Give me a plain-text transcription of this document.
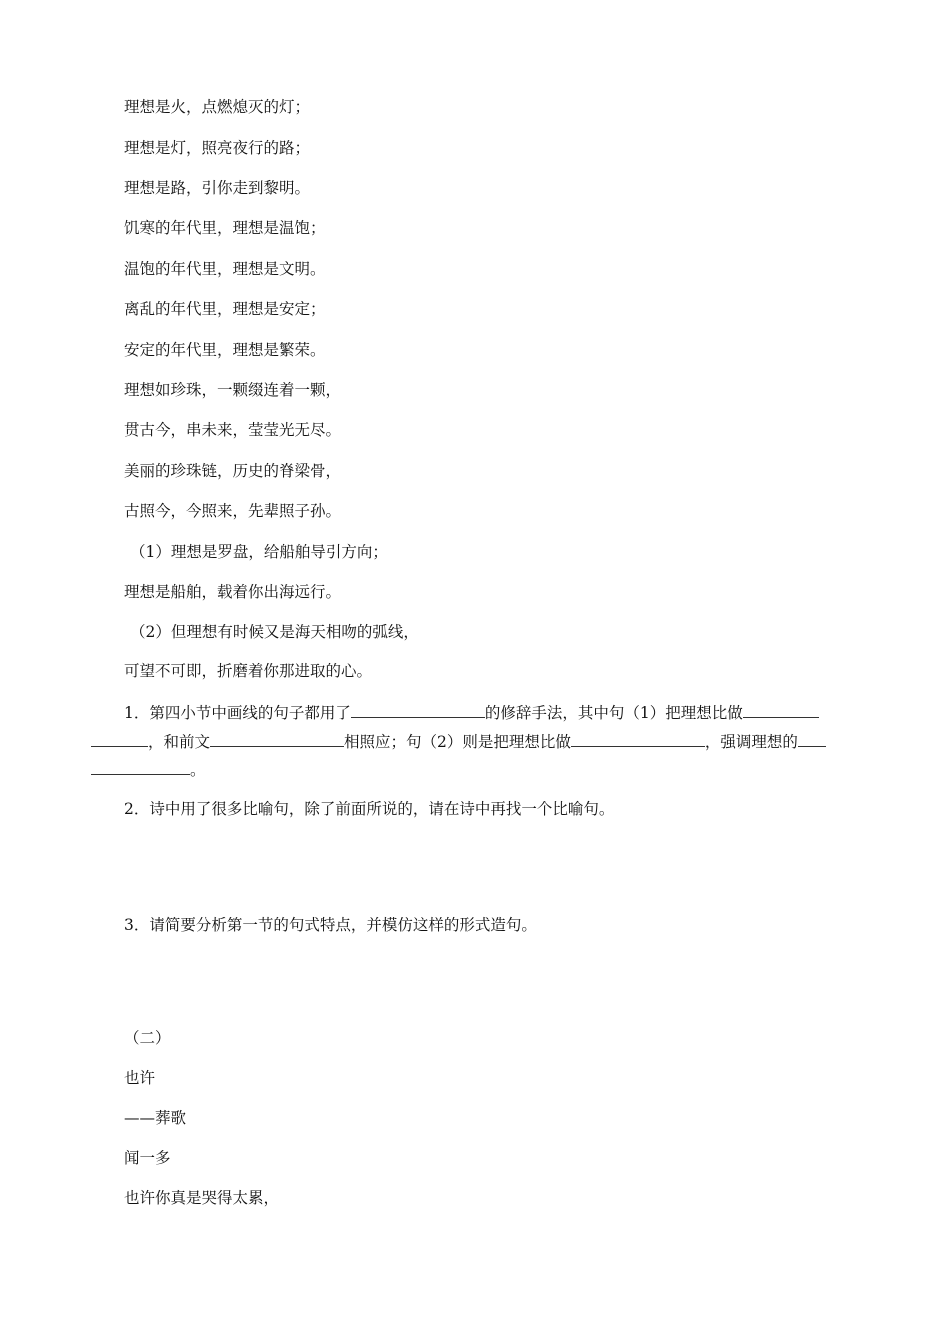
理想是火，点燃熄灭的灯；
理想是灯，照亮夜行的路；
理想是路，引你走到黎明。
饥寒的年代里，理想是温饱；
温饱的年代里，理想是文明。
离乱的年代里，理想是安定；
安定的年代里，理想是繁荣。
理想如珍珠，一颗缀连着一颗，
贯古今，串未来，莹莹光无尽。
美丽的珍珠链，历史的脊梁骨，
古照今，今照来，先辈照子孙。
（1）理想是罗盘，给船舶导引方向；
理想是船舶，载着你出海远行。
（2）但理想有时候又是海天相吻的弧线，
可望不可即，折磨着你那进取的心。
1．第四小节中画线的句子都用了	的修辞手法，其中句（1）把理想比做
，和前文	相照应；句（2）则是把理想比做	，强调理想的
。
2．诗中用了很多比喻句，除了前面所说的，请在诗中再找一个比喻句。
3．请简要分析第一节的句式特点，并模仿这样的形式造句。
（二）
也许
——葬歌
闻一多
也许你真是哭得太累，
